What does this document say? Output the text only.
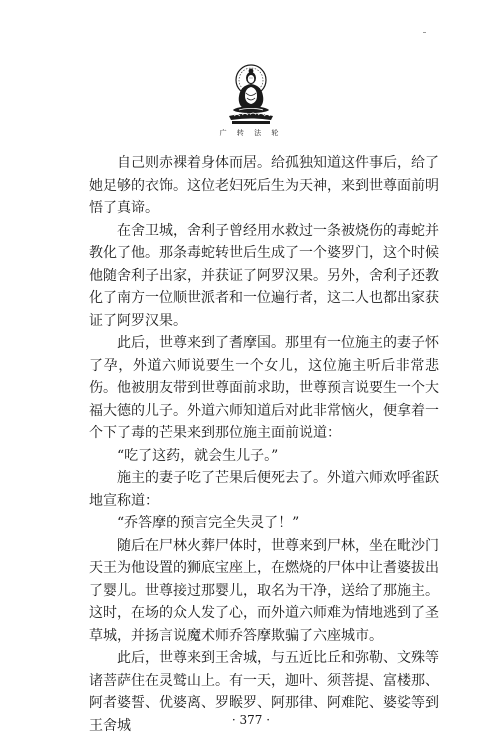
广 转 法 轮

自己则赤裸着身体而居。给孤独知道这件事后，给了她足够的衣饰。这位老妇死后生为天神，来到世尊面前明悟了真谛。

在舍卫城，舍利子曾经用水救过一条被烧伤的毒蛇并教化了他。那条毒蛇转世后生成了一个婆罗门，这个时候他随舍利子出家，并获证了阿罗汉果。另外，舍利子还教化了南方一位顺世派者和一位遍行者，这二人也都出家获证了阿罗汉果。

此后，世尊来到了耆摩国。那里有一位施主的妻子怀了孕，外道六师说要生一个女儿，这位施主听后非常悲伤。他被朋友带到世尊面前求助，世尊预言说要生一个大福大德的儿子。外道六师知道后对此非常恼火，便拿着一个下了毒的芒果来到那位施主面前说道：

“吃了这药，就会生儿子。”

施主的妻子吃了芒果后便死去了。外道六师欢呼雀跃地宣称道：

“乔答摩的预言完全失灵了！”

随后在尸林火葬尸体时，世尊来到尸林，坐在毗沙门天王为他设置的狮底宝座上，在燃烧的尸体中让耆婆拔出了婴儿。世尊接过那婴儿，取名为干净，送给了那施主。这时，在场的众人发了心，而外道六师难为情地逃到了圣草城，并扬言说魔术师乔答摩欺骗了六座城市。

此后，世尊来到王舍城，与五近比丘和弥勒、文殊等诸菩萨住在灵鹫山上。有一天，迦叶、须菩提、富楼那、阿者婆誓、优婆离、罗睺罗、阿那律、阿难陀、婆娑等到王舍城	· 377 ·
